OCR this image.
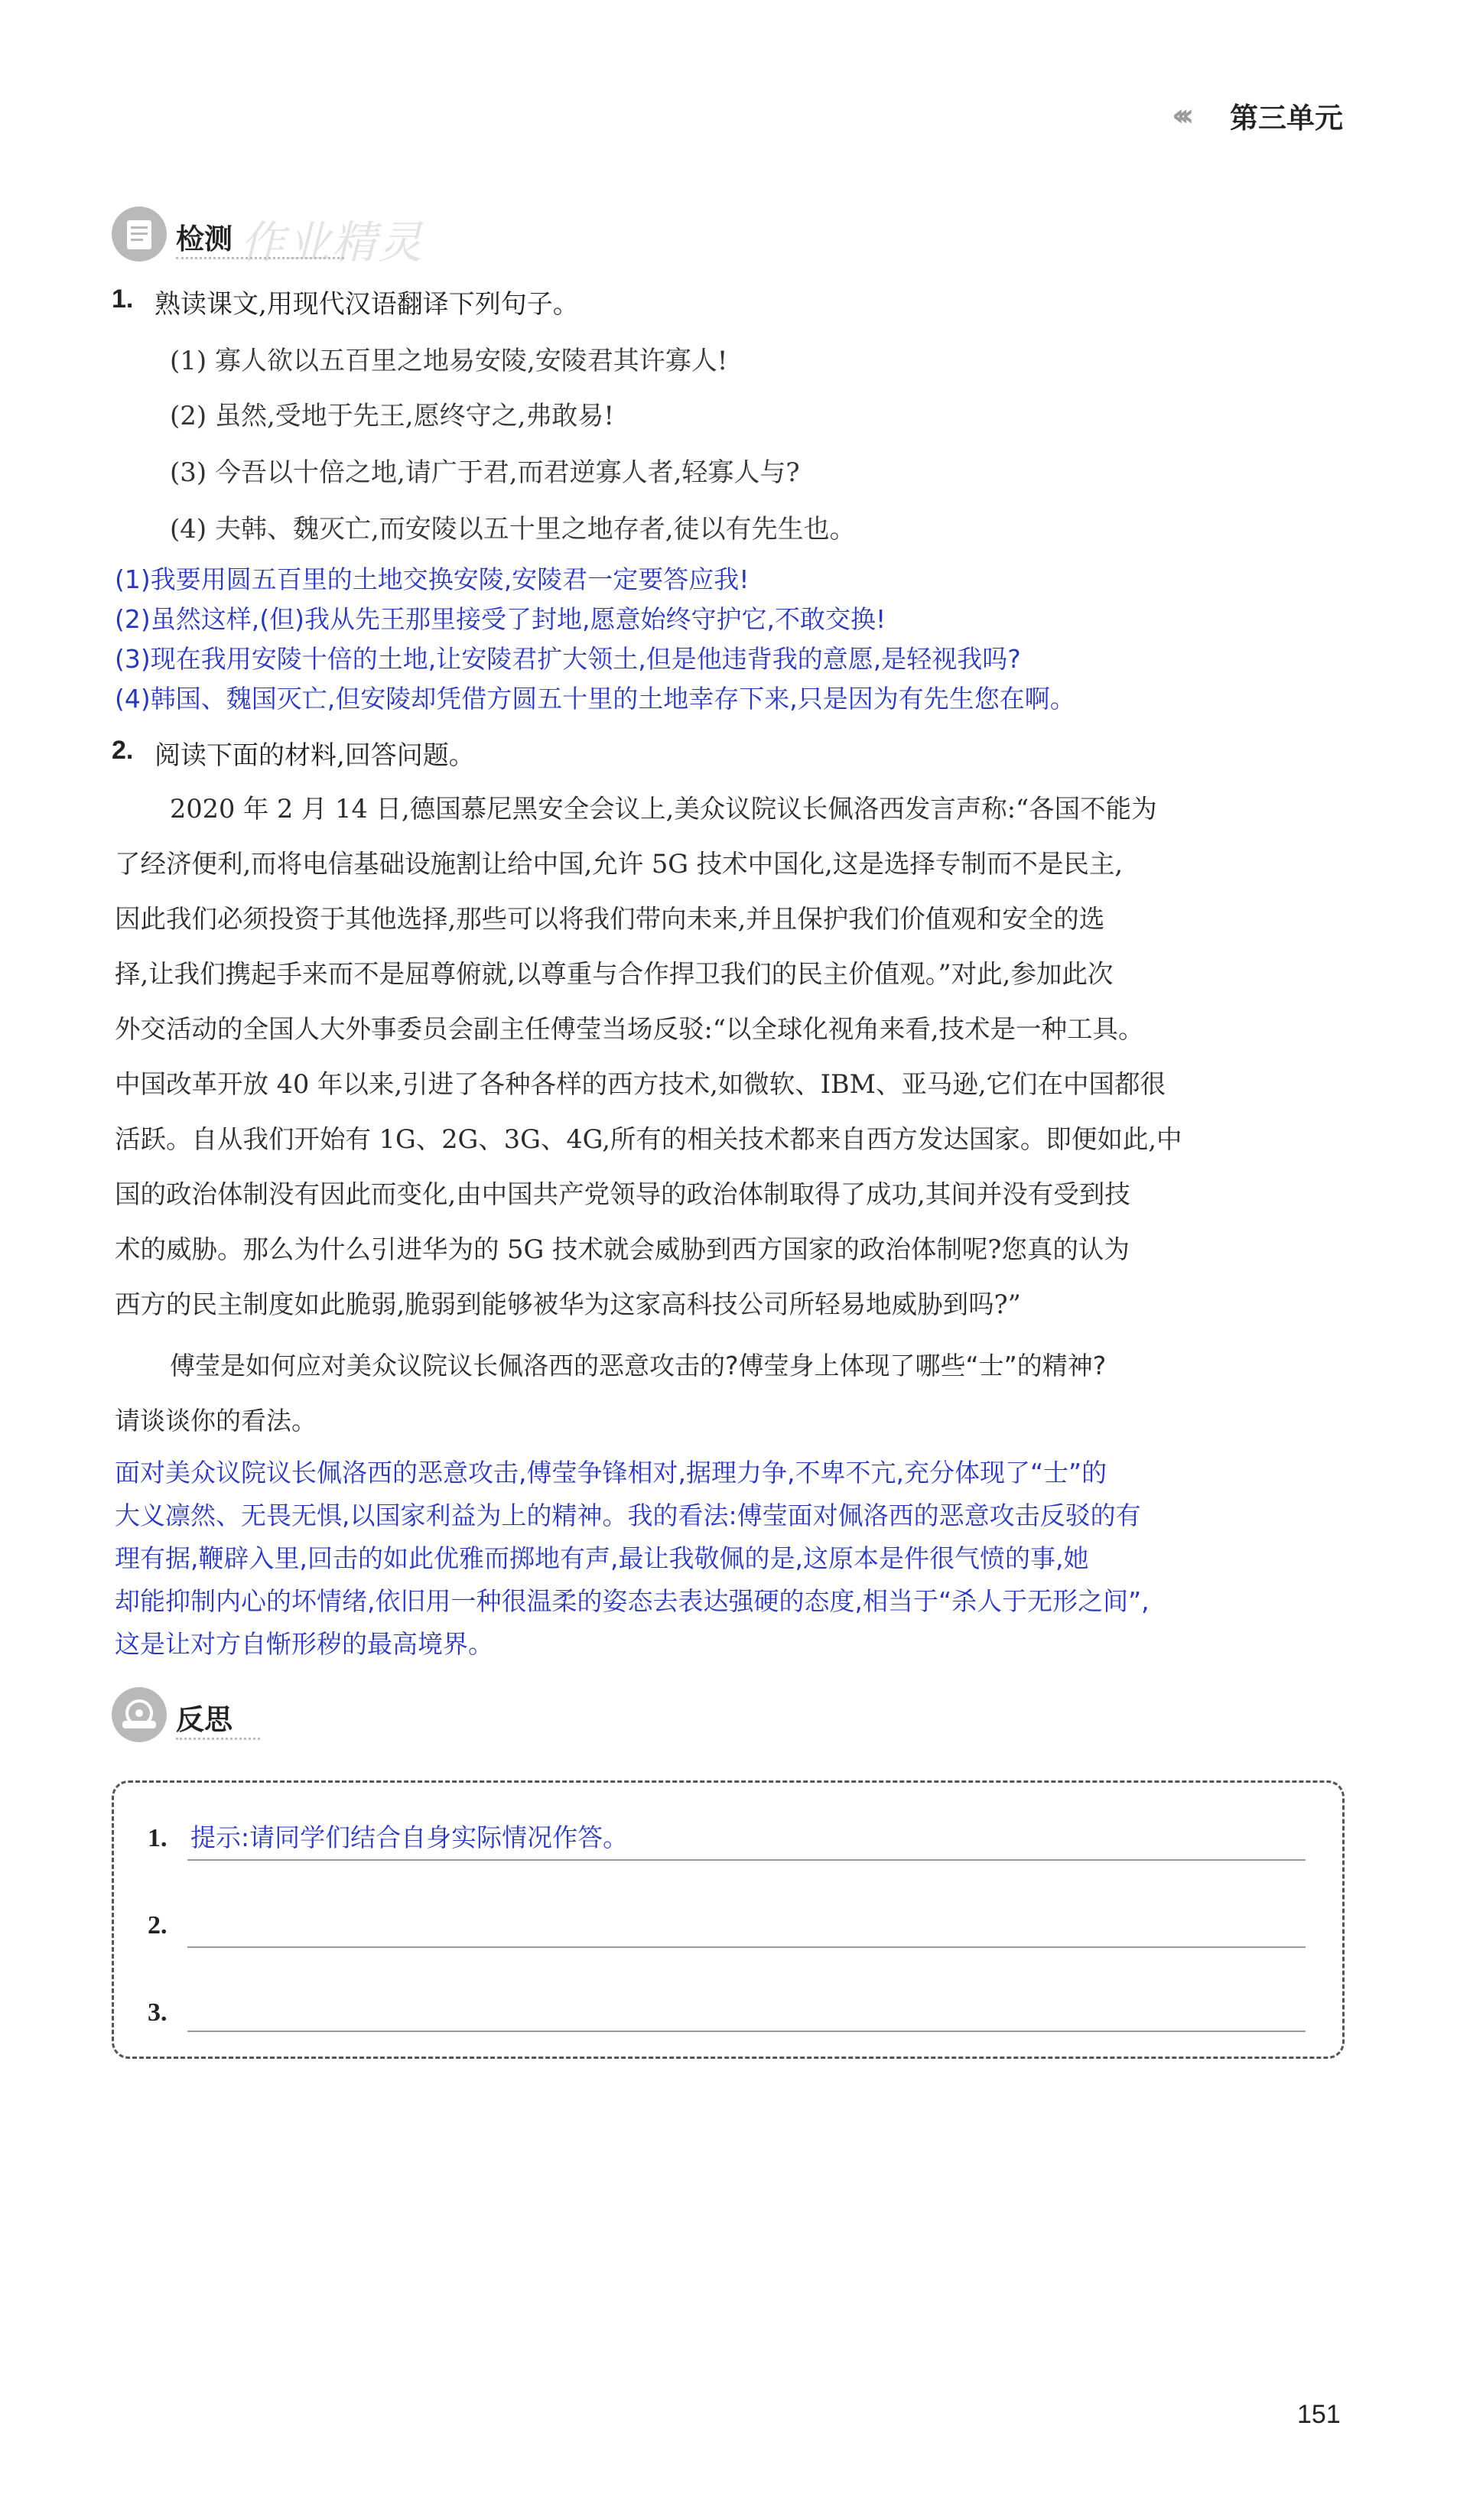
‹‹‹ 第三单元
检测 作业精灵
1. 熟读课文,用现代汉语翻译下列句子。
(1) 寡人欲以五百里之地易安陵,安陵君其许寡人!
(2) 虽然,受地于先王,愿终守之,弗敢易!
(3) 今吾以十倍之地,请广于君,而君逆寡人者,轻寡人与?
(4) 夫韩、魏灭亡,而安陵以五十里之地存者,徒以有先生也。
(1)我要用圆五百里的土地交换安陵,安陵君一定要答应我!
(2)虽然这样,(但)我从先王那里接受了封地,愿意始终守护它,不敢交换!
(3)现在我用安陵十倍的土地,让安陵君扩大领土,但是他违背我的意愿,是轻视我吗?
(4)韩国、魏国灭亡,但安陵却凭借方圆五十里的土地幸存下来,只是因为有先生您在啊。
2. 阅读下面的材料,回答问题。
2020 年 2 月 14 日,德国慕尼黑安全会议上,美众议院议长佩洛西发言声称:“各国不能为
了经济便利,而将电信基础设施割让给中国,允许 5G 技术中国化,这是选择专制而不是民主,
因此我们必须投资于其他选择,那些可以将我们带向未来,并且保护我们价值观和安全的选
择,让我们携起手来而不是屈尊俯就,以尊重与合作捍卫我们的民主价值观。”对此,参加此次
外交活动的全国人大外事委员会副主任傅莹当场反驳:“以全球化视角来看,技术是一种工具。
中国改革开放 40 年以来,引进了各种各样的西方技术,如微软、IBM、亚马逊,它们在中国都很
活跃。自从我们开始有 1G、2G、3G、4G,所有的相关技术都来自西方发达国家。即便如此,中
国的政治体制没有因此而变化,由中国共产党领导的政治体制取得了成功,其间并没有受到技
术的威胁。那么为什么引进华为的 5G 技术就会威胁到西方国家的政治体制呢?您真的认为
西方的民主制度如此脆弱,脆弱到能够被华为这家高科技公司所轻易地威胁到吗?”
傅莹是如何应对美众议院议长佩洛西的恶意攻击的?傅莹身上体现了哪些“士”的精神?
请谈谈你的看法。
面对美众议院议长佩洛西的恶意攻击,傅莹争锋相对,据理力争,不卑不亢,充分体现了“士”的
大义凛然、无畏无惧,以国家利益为上的精神。我的看法:傅莹面对佩洛西的恶意攻击反驳的有
理有据,鞭辟入里,回击的如此优雅而掷地有声,最让我敬佩的是,这原本是件很气愤的事,她
却能抑制内心的坏情绪,依旧用一种很温柔的姿态去表达强硬的态度,相当于“杀人于无形之间”,
这是让对方自惭形秽的最高境界。
反思
1. 提示:请同学们结合自身实际情况作答。
2.
3.
151
